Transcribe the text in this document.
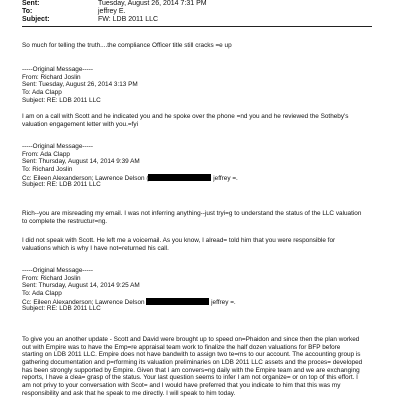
Sent:	Tuesday, August 26, 2014 7:31 PM
To:	jeffrey E.
Subject:	FW: LDB 2011 LLC
So much for telling the truth....the compliance Officer title still cracks =e up
-----Original Message-----
From: Richard Joslin
Sent: Tuesday, August 26, 2014 3:13 PM
To: Ada Clapp
Subject: RE: LDB 2011 LLC
I am on a call with Scott and he indicated you and he spoke over the phone =nd you and he reviewed the Sotheby's
valuation engagement letter with you.=fyi
-----Original Message-----
From: Ada Clapp
Sent: Thursday, August 14, 2014 9:39 AM
To: Richard Joslin
Cc: Eileen Alexanderson; Lawrence Delson (	jeffrey =.
Subject: RE: LDB 2011 LLC
Rich--you are misreading my email. I was not inferring anything--just tryi=g to understand the status of the LLC valuation
to complete the restructur=ng.
I did not speak with Scott. He left me a voicemail. As you know, I alread= told him that you were responsible for
valuations which is why I have not=returned his call.
-----Original Message-----
From: Richard Joslin
Sent: Thursday, August 14, 2014 9:25 AM
To: Ada Clapp
Cc: Eileen Alexanderson; Lawrence Delson	jeffrey =.
Subject: RE: LDB 2011 LLC
To give you an another update - Scott and David were brought up to speed on=Phaidon and since then the plan worked
out with Empire was to have the Emp=re appraisal team work to finalize the half dozen valuations for BFP before
starting on LDB 2011 LLC. Empire does not have bandwith to assign two te=ms to our account. The accounting group is
gathering documentation and p=rforming its valuation preliminaries on LDB 2011 LLC assets and the proces= developed
has been strongly supported by Empire. Given that I am convers=ng daily with the Empire team and we are exchanging
reports, I have a clea= grasp of the status. Your last question seems to infer I am not organize= or on top of this effort. I
am not privy to your conversation with Scot= and I would have preferred that you indicate to him that this was my
responsibility and ask that he speak to me directly. I will speak to him today.
